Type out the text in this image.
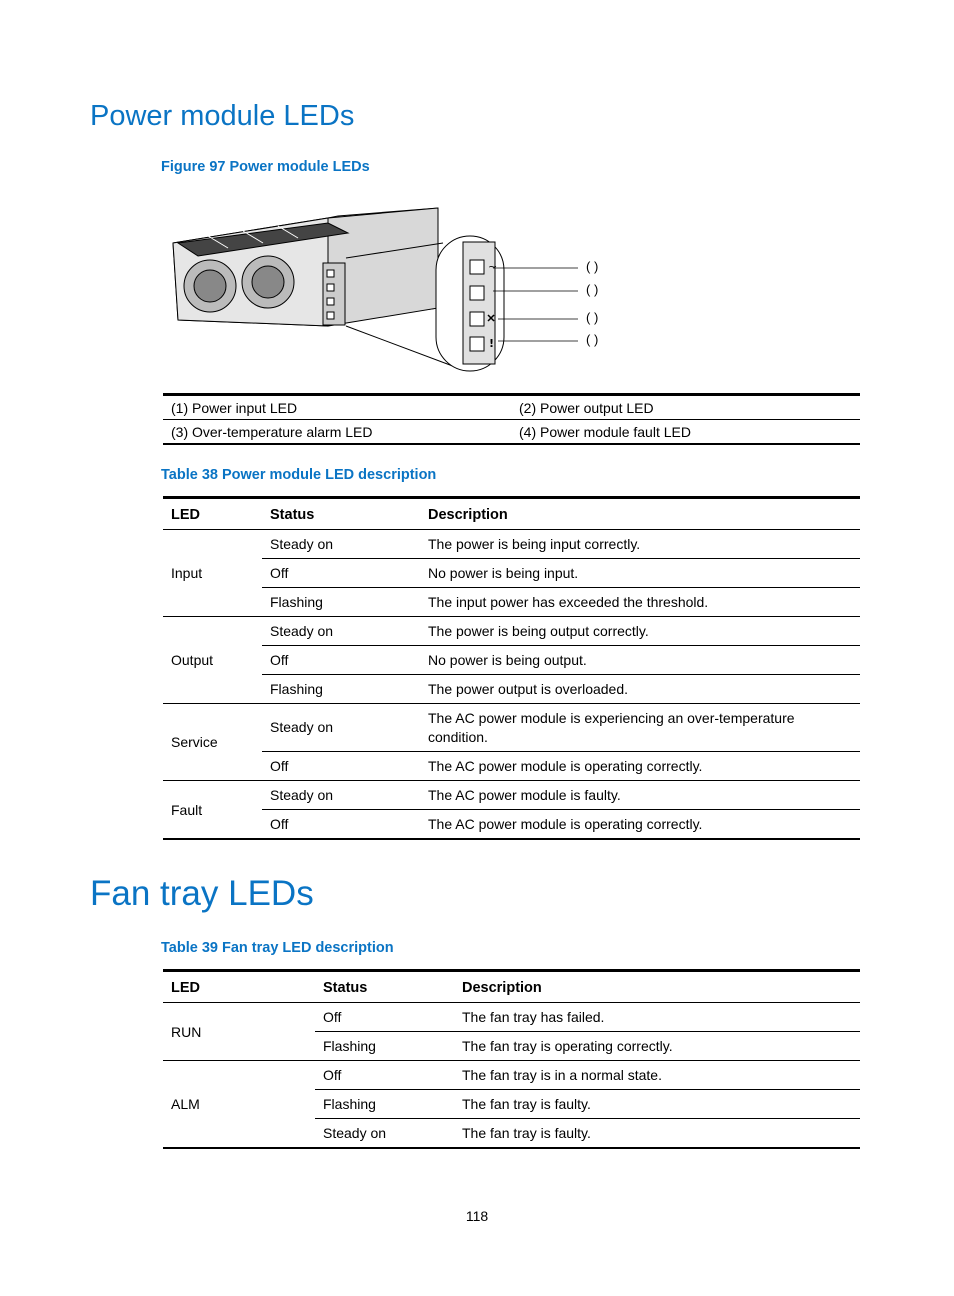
Power module LEDs
Figure 97 Power module LEDs
~
!
( )
( )
( )
( )
(1) Power input LED	(2) Power output LED
(3) Over-temperature alarm LED	(4) Power module fault LED
Table 38 Power module LED description
LED	Status	Description
Input	Steady on	The power is being input correctly.
	Off	No power is being input.
	Flashing	The input power has exceeded the threshold.
Output	Steady on	The power is being output correctly.
	Off	No power is being output.
	Flashing	The power output is overloaded.
Service	Steady on	The AC power module is experiencing an over-temperature condition.
	Off	The AC power module is operating correctly.
Fault	Steady on	The AC power module is faulty.
	Off	The AC power module is operating correctly.
Fan tray LEDs
Table 39 Fan tray LED description
LED	Status	Description
RUN	Off	The fan tray has failed.
	Flashing	The fan tray is operating correctly.
ALM	Off	The fan tray is in a normal state.
	Flashing	The fan tray is faulty.
	Steady on	The fan tray is faulty.
118
